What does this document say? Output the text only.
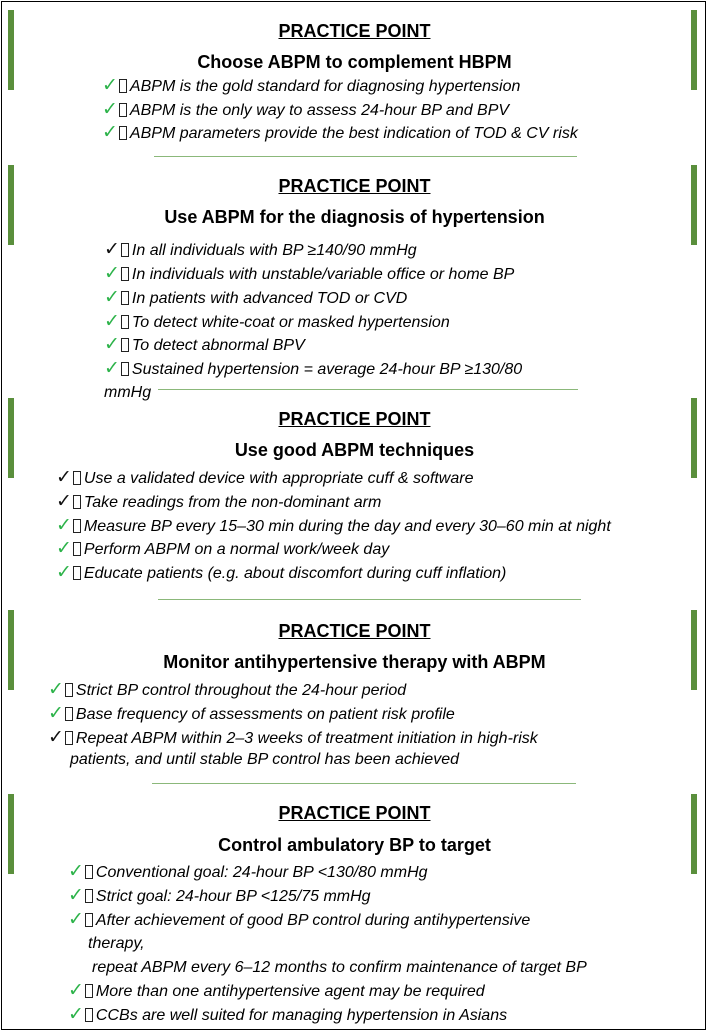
PRACTICE POINT
Choose ABPM to complement HBPM
✓ ABPM is the gold standard for diagnosing hypertension
✓ ABPM is the only way to assess 24-hour BP and BPV
✓ ABPM parameters provide the best indication of TOD & CV risk
PRACTICE POINT
Use ABPM for the diagnosis of hypertension
✓ In all individuals with BP ≥140/90 mmHg
✓ In individuals with unstable/variable office or home BP
✓ In patients with advanced TOD or CVD
✓ To detect white-coat or masked hypertension
✓ To detect abnormal BPV
✓ Sustained hypertension = average 24-hour BP ≥130/80
mmHg
PRACTICE POINT
Use good ABPM techniques
✓ Use a validated device with appropriate cuff & software
✓ Take readings from the non-dominant arm
✓ Measure BP every 15–30 min during the day and every 30–60 min at night
✓ Perform ABPM on a normal work/week day
✓ Educate patients (e.g. about discomfort during cuff inflation)
PRACTICE POINT
Monitor antihypertensive therapy with ABPM
✓ Strict BP control throughout the 24-hour period
✓ Base frequency of assessments on patient risk profile
✓ Repeat ABPM within 2–3 weeks of treatment initiation in high-risk
patients, and until stable BP control has been achieved
PRACTICE POINT
Control ambulatory BP to target
✓ Conventional goal: 24-hour BP <130/80 mmHg
✓ Strict goal: 24-hour BP <125/75 mmHg
✓ After achievement of good BP control during antihypertensive
therapy,
repeat ABPM every 6–12 months to confirm maintenance of target BP
✓ More than one antihypertensive agent may be required
✓ CCBs are well suited for managing hypertension in Asians
